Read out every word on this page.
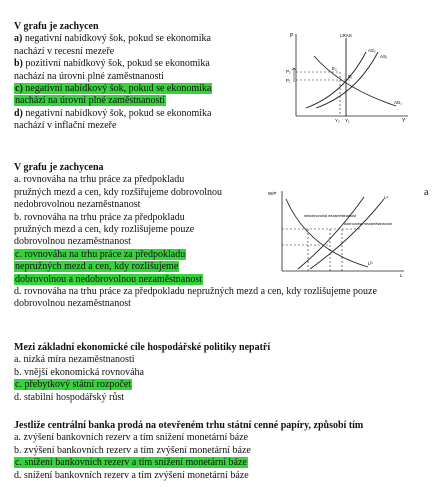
V grafu je zachycen
a) negativní nabídkový šok, pokud se ekonomika
nachází v recesní mezeře
b) pozitivní nabídkový šok, pokud se ekonomika
nachází na úrovni plné zaměstnanosti
c) negativní nabídkový šok, pokud se ekonomika
nachází na úrovni plné zaměstnanosti
d) negativní nabídkový šok, pokud se ekonomika
nachází v inflační mezeře
P
Y
LRAS
AS₂
AS₁
AD₁
P₂
P₁
E₂
E₁
Y₂ Y₁
V grafu je zachycena
a. rovnováha na trhu práce za předpokladu
pružných mezd a cen, kdy rozšiřujeme dobrovolnou
nedobrovolnou nezaměstnanost
b. rovnováha na trhu práce za předpokladu
pružných mezd a cen, kdy rozlišujeme pouze
dobrovolnou nezaměstnanost
c. rovnováha na trhu práce za předpokladu
nepružných mezd a cen, kdy rozlišujeme
dobrovolnou a nedobrovolnou nezaměstnanost
d. rovnováha na trhu práce za předpokladu nepružných mezd a cen, kdy rozlišujeme pouze
dobrovolnou nezaměstnanost
a
W/P
L
Lᴰ
Lˢ
nedobrovolná nezaměstnanost
dobrovolná nezaměstnanost
Mezi základní ekonomické cíle hospodářské politiky nepatří
a. nízká míra nezaměstnanosti
b. vnější ekonomická rovnováha
c. přebytkový státní rozpočet
d. stabilní hospodářský růst
Jestliže centrální banka prodá na otevřeném trhu státní cenné papíry, způsobí tím
a. zvýšení bankovních rezerv a tím snížení monetární báze
b. zvýšení bankovních rezerv a tím zvýšení monetární báze
c. snížení bankovních rezerv a tím snížení monetární báze
d. snížení bankovních rezerv a tím zvýšení monetární báze
